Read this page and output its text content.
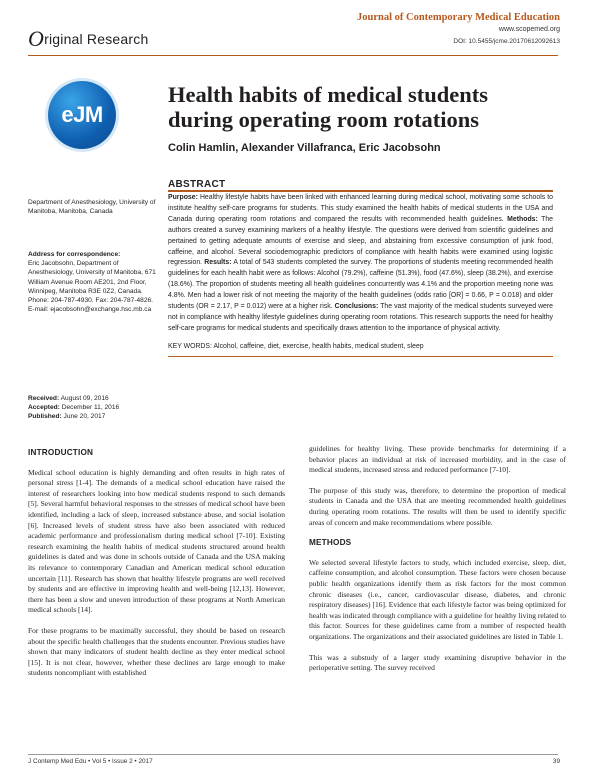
Journal of Contemporary Medical Education
www.scopemed.org
DOI: 10.5455/jcme.20170612092613
Original Research
eJM
Health habits of medical students during operating room rotations
Colin Hamlin, Alexander Villafranca, Eric Jacobsohn
ABSTRACT
Purpose: Healthy lifestyle habits have been linked with enhanced learning during medical school, motivating some schools to institute healthy self-care programs for students. This study examined the health habits of medical students in the USA and Canada during operating room rotations and compared the results with recommended health guidelines. Methods: The authors created a survey examining markers of a healthy lifestyle. The questions were derived from scientific guidelines and pertained to getting adequate amounts of exercise and sleep, and abstaining from excessive consumption of junk food, caffeine, and alcohol. Several sociodemographic predictors of compliance with health habits were examined using logistic regression. Results: A total of 543 students completed the survey. The proportions of students meeting recommended health guidelines for each health habit were as follows: Alcohol (79.2%), caffeine (51.3%), food (47.6%), sleep (38.2%), and exercise (18.6%). The proportion of students meeting all health guidelines concurrently was 4.1% and the proportion meeting none was 4.8%. Men had a lower risk of not meeting the majority of the health guidelines (odds ratio [OR] = 0.66, P = 0.018) and older students (OR = 2.17, P = 0.012) were at a higher risk. Conclusions: The vast majority of the medical students surveyed were not in compliance with healthy lifestyle guidelines during operating room rotations. This research supports the need for healthy self-care programs for medical students and specifically draws attention to the importance of physical activity.
KEY WORDS: Alcohol, caffeine, diet, exercise, health habits, medical student, sleep
Department of Anesthesiology, University of Manitoba, Manitoba, Canada
Address for correspondence:
Eric Jacobsohn, Department of Anesthesiology, University of Manitoba, 671 William Avenue Room AE201, 2nd Floor, Winnipeg, Manitoba R3E 0Z2, Canada. Phone: 204-787-4930. Fax: 204-787-4826. E-mail: ejacobsohn@exchange.hsc.mb.ca
Received: August 09, 2016
Accepted: December 11, 2016
Published: June 20, 2017
INTRODUCTION

Medical school education is highly demanding and often results in high rates of personal stress [1-4]. The demands of a medical school education have raised the interest of researchers looking into how medical students respond to such demands [5]. Several harmful behavioral responses to the stresses of medical school have been identified, including a lack of sleep, increased substance abuse, and social isolation [6]. Increased levels of student stress have also been associated with reduced academic performance and professionalism during medical school [7-10]. Existing research examining the health habits of medical students structured around health guidelines is dated and was done in schools outside of Canada and the USA making its relevance to contemporary Canadian and American medical school education uncertain [11]. Research has shown that healthy lifestyle programs are well received by students and are effective in improving health and well-being [12,13]. However, there has been a slow and uneven introduction of these programs at North American medical schools [14].

For these programs to be maximally successful, they should be based on research about the specific health challenges that the students encounter. Previous studies have shown that many indicators of student health decline as they enter medical school [15]. It is not clear, however, whether these declines are large enough to make students noncompliant with established

guidelines for healthy living. These provide benchmarks for determining if a behavior places an individual at risk of increased morbidity, and in the case of medical students, increased stress and reduced performance [7-10].

The purpose of this study was, therefore, to determine the proportion of medical students in Canada and the USA that are meeting recommended health guidelines during operating room rotations. The results will then be used to identify specific areas of concern and make recommendations where possible.

METHODS

We selected several lifestyle factors to study, which included exercise, sleep, diet, caffeine consumption, and alcohol consumption. These factors were chosen because public health organizations identify them as risk factors for the most common chronic diseases (i.e., cancer, cardiovascular disease, diabetes, and chronic respiratory diseases) [16]. Evidence that each lifestyle factor was being optimized for health was indicated through compliance with a guideline for healthy living related to this factor. Sources for these guidelines came from a number of respected health organizations. The organizations and their associated guidelines are listed in Table 1.

This was a substudy of a larger study examining disruptive behavior in the perioperative setting. The survey received

J Contemp Med Edu • Vol 5 • Issue 2 • 2017	39
